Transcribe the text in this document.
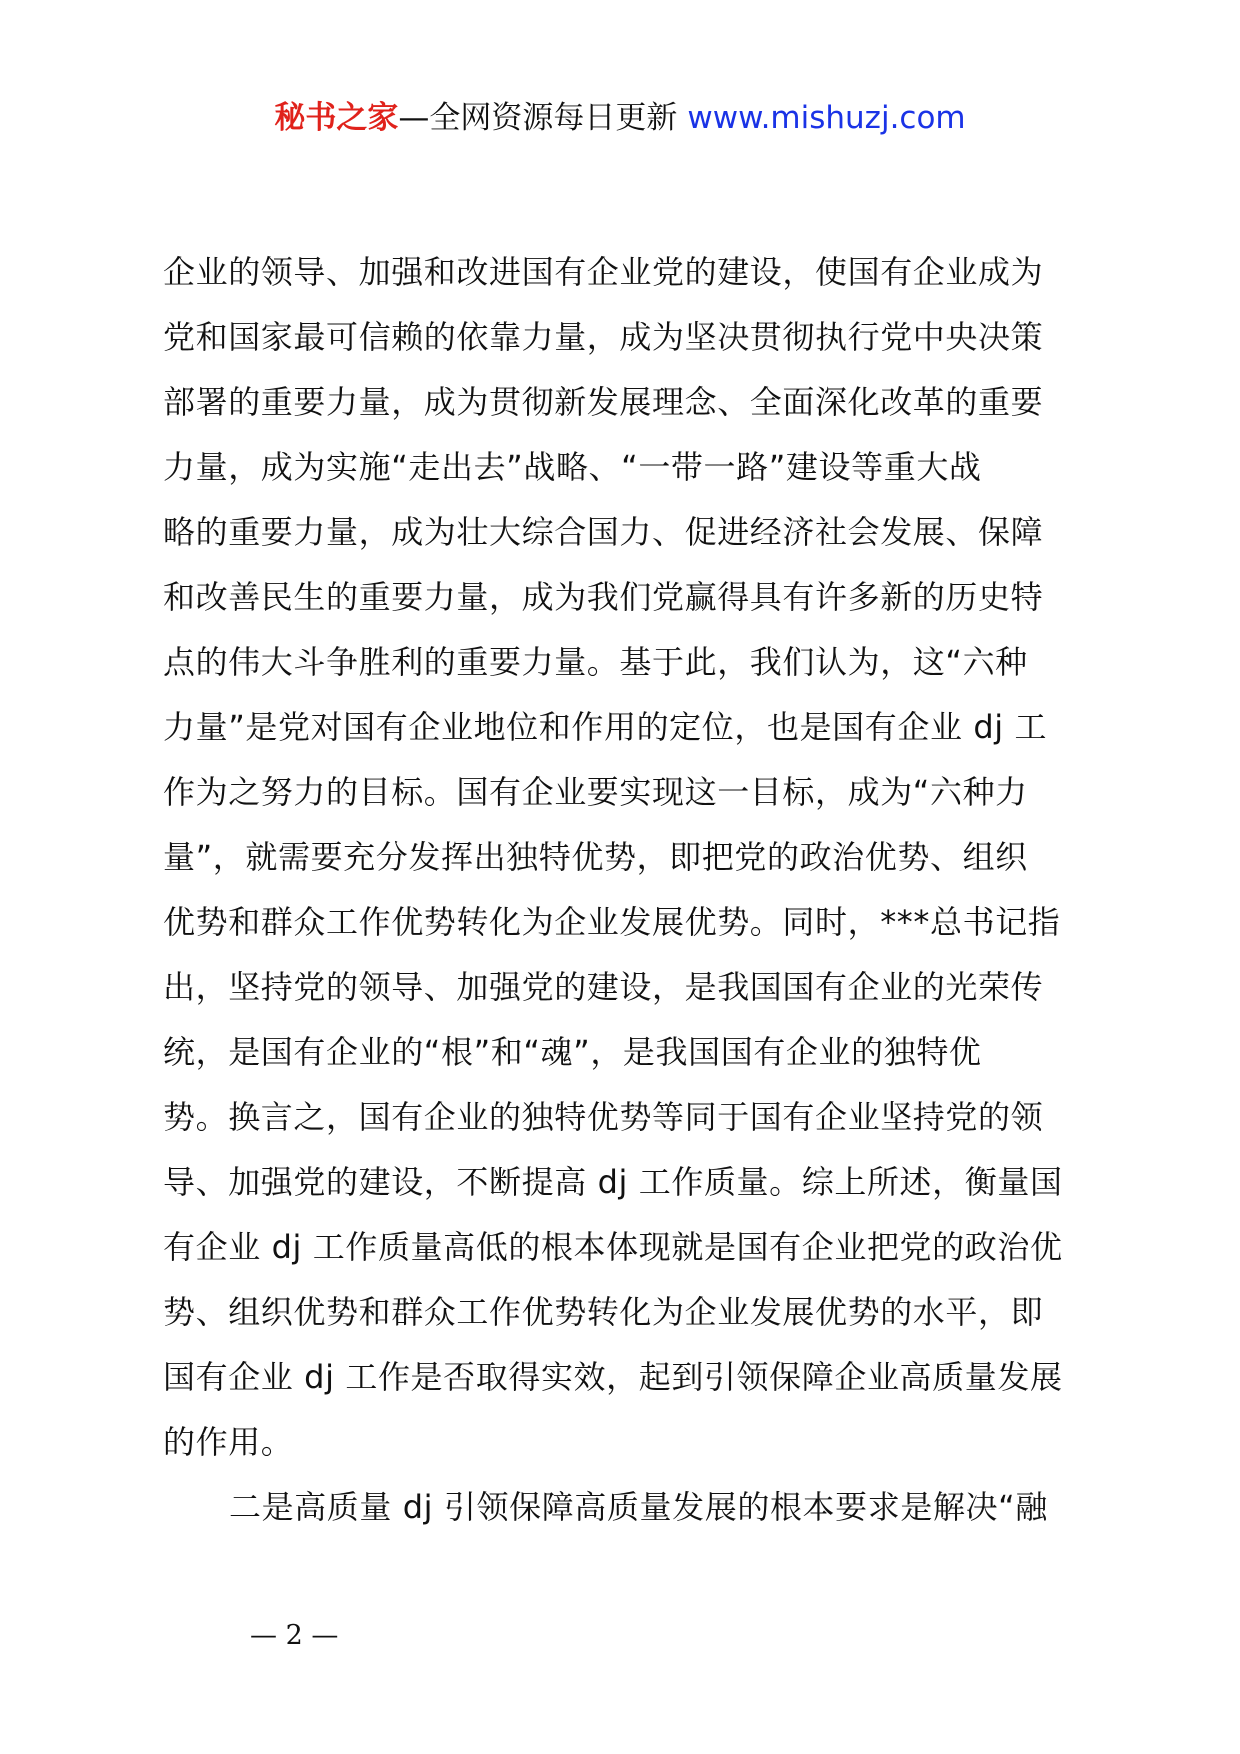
秘书之家—全网资源每日更新 www.mishuzj.com
企业的领导、加强和改进国有企业党的建设，使国有企业成为
党和国家最可信赖的依靠力量，成为坚决贯彻执行党中央决策
部署的重要力量，成为贯彻新发展理念、全面深化改革的重要
力量，成为实施“走出去”战略、“一带一路”建设等重大战
略的重要力量，成为壮大综合国力、促进经济社会发展、保障
和改善民生的重要力量，成为我们党赢得具有许多新的历史特
点的伟大斗争胜利的重要力量。基于此，我们认为，这“六种
力量”是党对国有企业地位和作用的定位，也是国有企业 dj 工
作为之努力的目标。国有企业要实现这一目标，成为“六种力
量”，就需要充分发挥出独特优势，即把党的政治优势、组织
优势和群众工作优势转化为企业发展优势。同时，***总书记指
出，坚持党的领导、加强党的建设，是我国国有企业的光荣传
统，是国有企业的“根”和“魂”，是我国国有企业的独特优
势。换言之，国有企业的独特优势等同于国有企业坚持党的领
导、加强党的建设，不断提高 dj 工作质量。综上所述，衡量国
有企业 dj 工作质量高低的根本体现就是国有企业把党的政治优
势、组织优势和群众工作优势转化为企业发展优势的水平，即
国有企业 dj 工作是否取得实效，起到引领保障企业高质量发展
的作用。
二是高质量 dj 引领保障高质量发展的根本要求是解决“融
— 2 —
